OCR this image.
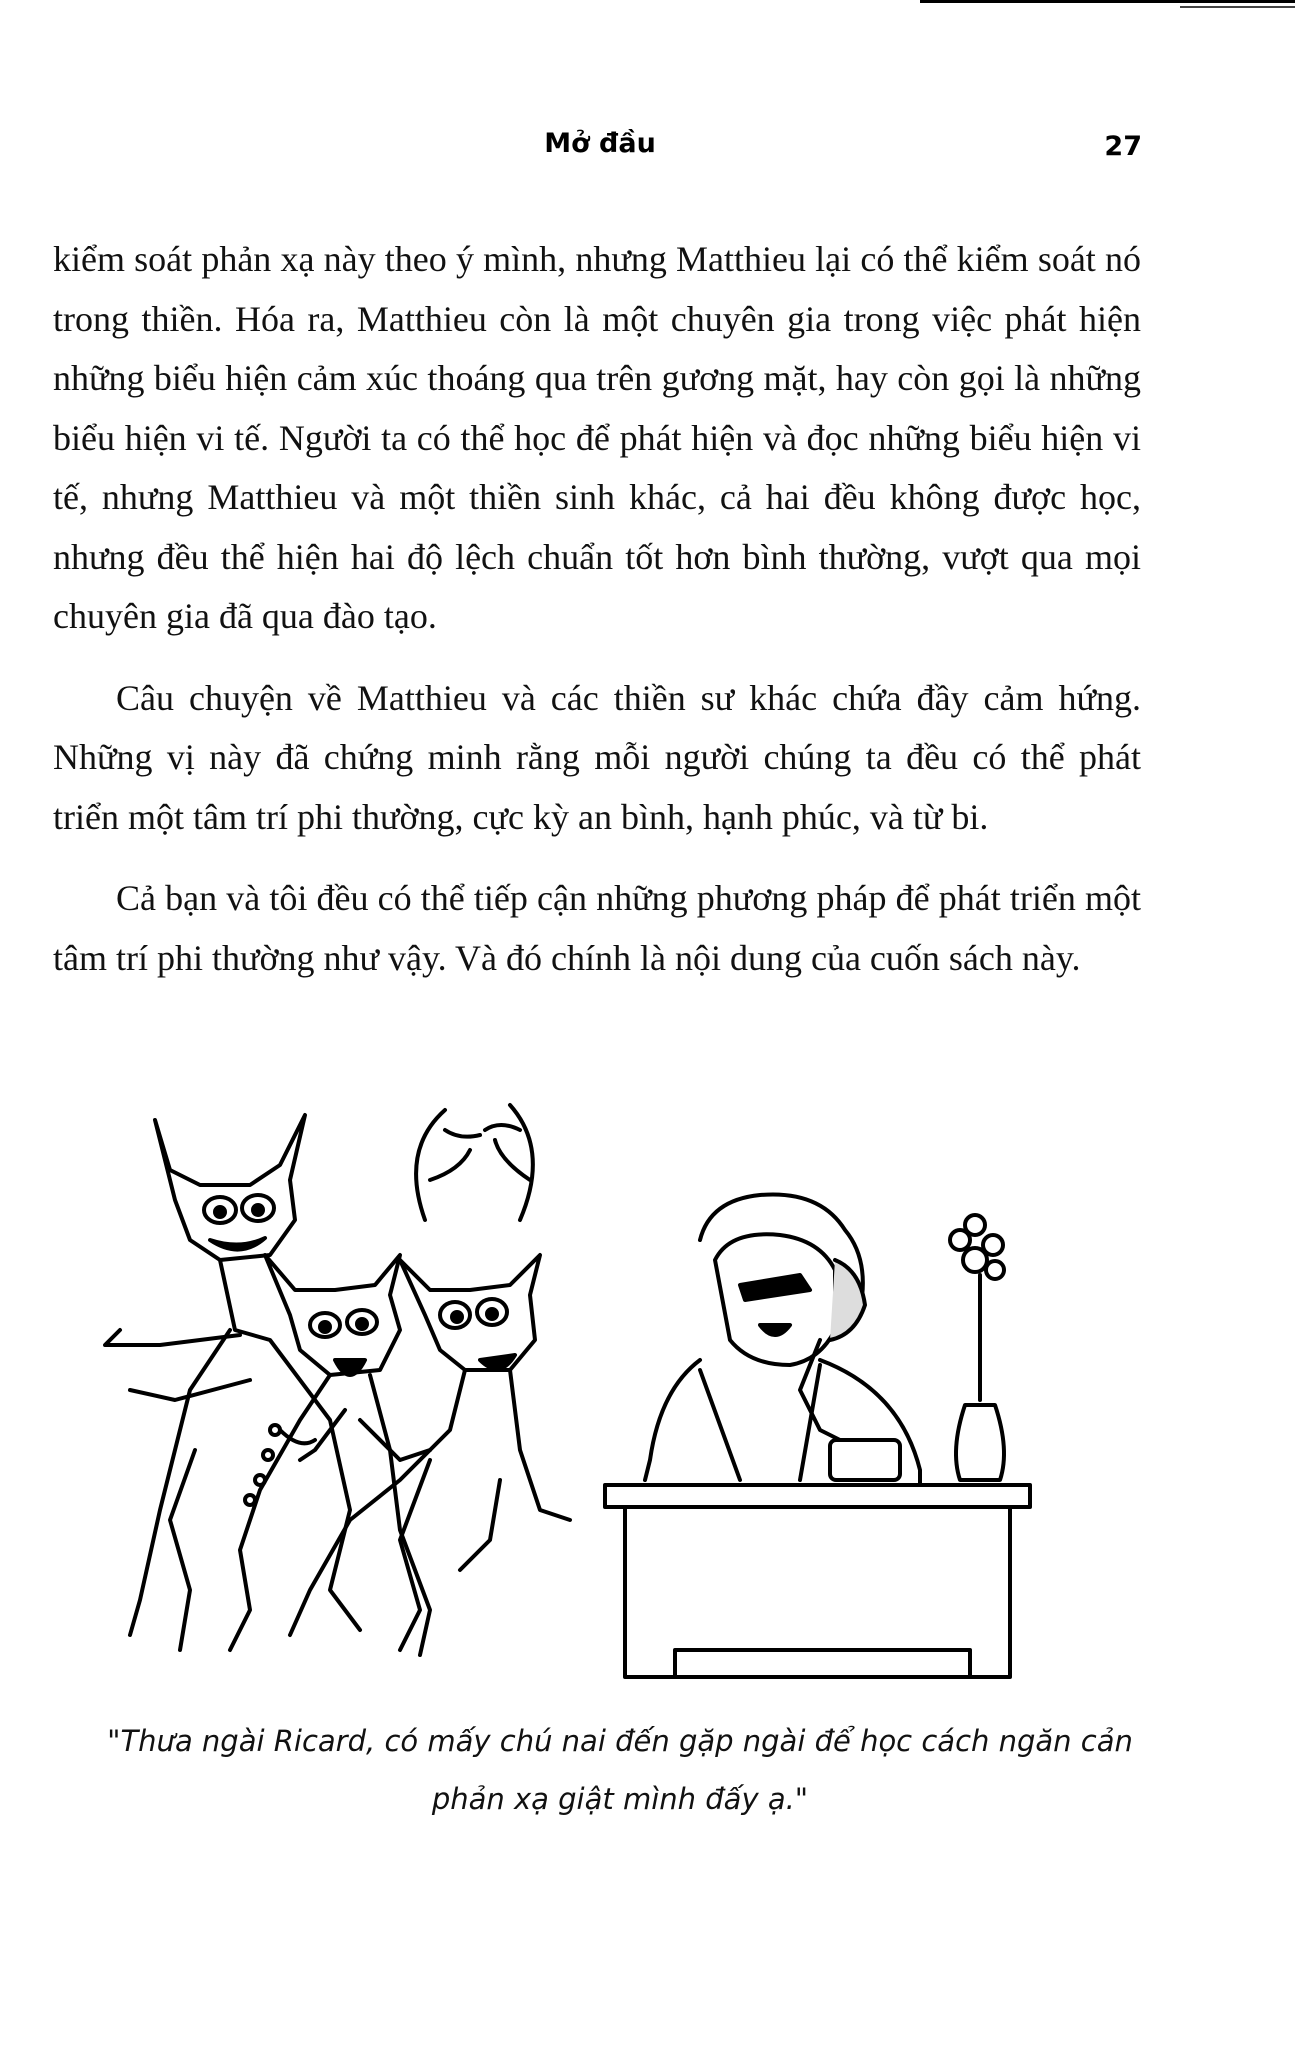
Mở đầu	27

kiểm soát phản xạ này theo ý mình, nhưng Matthieu lại có thể kiểm soát nó trong thiền. Hóa ra, Matthieu còn là một chuyên gia trong việc phát hiện những biểu hiện cảm xúc thoáng qua trên gương mặt, hay còn gọi là những biểu hiện vi tế. Người ta có thể học để phát hiện và đọc những biểu hiện vi tế, nhưng Matthieu và một thiền sinh khác, cả hai đều không được học, nhưng đều thể hiện hai độ lệch chuẩn tốt hơn bình thường, vượt qua mọi chuyên gia đã qua đào tạo.

Câu chuyện về Matthieu và các thiền sư khác chứa đầy cảm hứng. Những vị này đã chứng minh rằng mỗi người chúng ta đều có thể phát triển một tâm trí phi thường, cực kỳ an bình, hạnh phúc, và từ bi.

Cả bạn và tôi đều có thể tiếp cận những phương pháp để phát triển một tâm trí phi thường như vậy. Và đó chính là nội dung của cuốn sách này.

"Thưa ngài Ricard, có mấy chú nai đến gặp ngài để học cách ngăn cản phản xạ giật mình đấy ạ."
